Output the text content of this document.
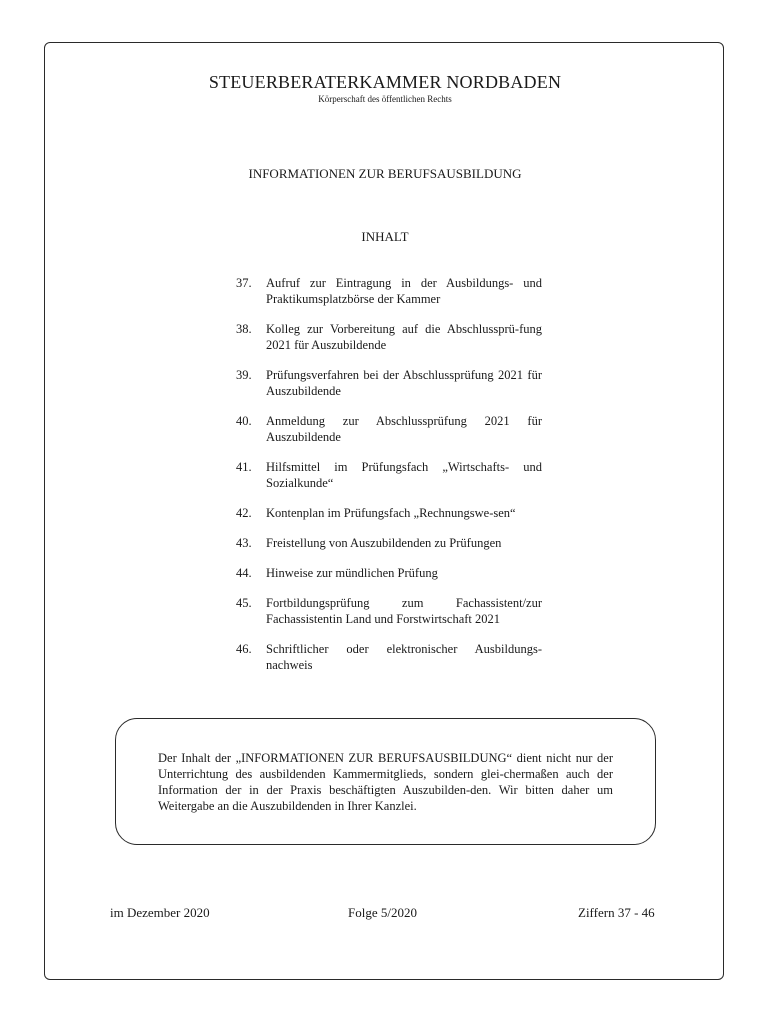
STEUERBERATERKAMMER NORDBADEN
Körperschaft des öffentlichen Rechts
INFORMATIONEN ZUR BERUFSAUSBILDUNG
INHALT
37.	Aufruf zur Eintragung in der Ausbildungs- und Praktikumsplatzbörse der Kammer
38.	Kolleg zur Vorbereitung auf die Abschlussprü-fung 2021 für Auszubildende
39.	Prüfungsverfahren bei der Abschlussprüfung 2021 für Auszubildende
40.	Anmeldung zur Abschlussprüfung 2021 für Auszubildende
41.	Hilfsmittel im Prüfungsfach „Wirtschafts- und Sozialkunde“
42.	Kontenplan im Prüfungsfach „Rechnungswe-sen“
43.	Freistellung von Auszubildenden zu Prüfungen
44.	Hinweise zur mündlichen Prüfung
45.	Fortbildungsprüfung zum Fachassistent/zur Fachassistentin Land und Forstwirtschaft 2021
46.	Schriftlicher oder elektronischer Ausbildungs-nachweis
Der Inhalt der „INFORMATIONEN ZUR BERUFSAUSBILDUNG“ dient nicht nur der Unterrichtung des ausbildenden Kammermitglieds, sondern glei-chermaßen auch der Information der in der Praxis beschäftigten Auszubilden-den. Wir bitten daher um Weitergabe an die Auszubildenden in Ihrer Kanzlei.
im Dezember 2020	Folge 5/2020	Ziffern 37 - 46
